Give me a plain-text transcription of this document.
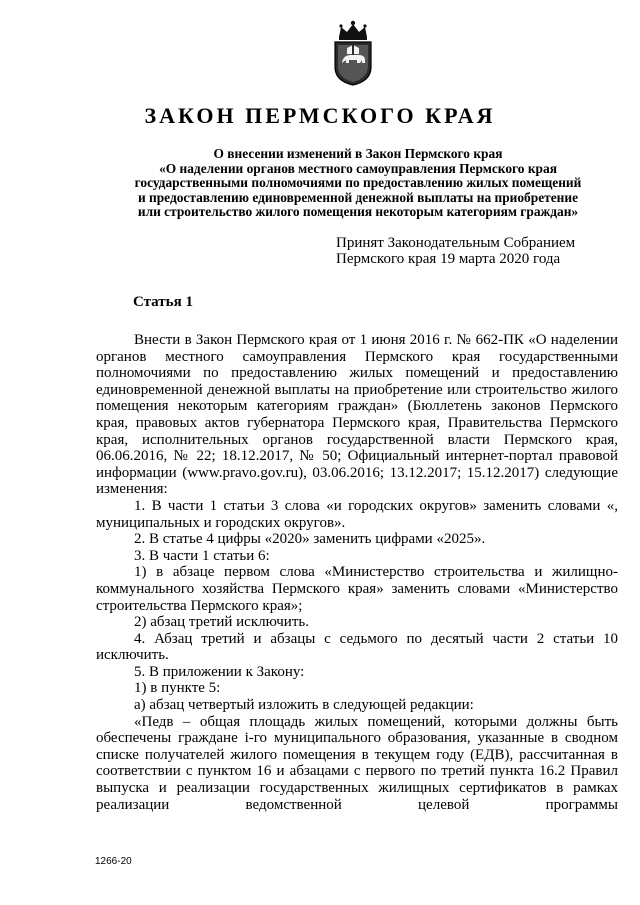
ЗАКОН ПЕРМСКОГО КРАЯ
О внесении изменений в Закон Пермского края
«О наделении органов местного самоуправления Пермского края
государственными полномочиями по предоставлению жилых помещений
и предоставлению единовременной денежной выплаты на приобретение
или строительство жилого помещения некоторым категориям граждан»
Принят Законодательным Собранием
Пермского края 19 марта 2020 года
Статья 1

Внести в Закон Пермского края от 1 июня 2016 г. № 662-ПК «О наделении органов местного самоуправления Пермского края государственными полномочиями по предоставлению жилых помещений и предоставлению единовременной денежной выплаты на приобретение или строительство жилого помещения некоторым категориям граждан» (Бюллетень законов Пермского края, правовых актов губернатора Пермского края, Правительства Пермского края, исполнительных органов государственной власти Пермского края, 06.06.2016, № 22; 18.12.2017, № 50; Официальный интернет-портал правовой информации (www.pravo.gov.ru), 03.06.2016; 13.12.2017; 15.12.2017) следующие изменения:

1. В части 1 статьи 3 слова «и городских округов» заменить словами «, муниципальных и городских округов».

2. В статье 4 цифры «2020» заменить цифрами «2025».

3. В части 1 статьи 6:

1) в абзаце первом слова «Министерство строительства и жилищно-коммунального хозяйства Пермского края» заменить словами «Министерство строительства Пермского края»;

2) абзац третий исключить.

4. Абзац третий и абзацы с седьмого по десятый части 2 статьи 10 исключить.

5. В приложении к Закону:

1) в пункте 5:

а) абзац четвертый изложить в следующей редакции:

«Педв – общая площадь жилых помещений, которыми должны быть обеспечены граждане i-го муниципального образования, указанные в сводном списке получателей жилого помещения в текущем году (ЕДВ), рассчитанная в соответствии с пунктом 16 и абзацами с первого по третий пункта 16.2 Правил выпуска и реализации государственных жилищных сертификатов в рамках реализации ведомственной целевой программы

1266-20
